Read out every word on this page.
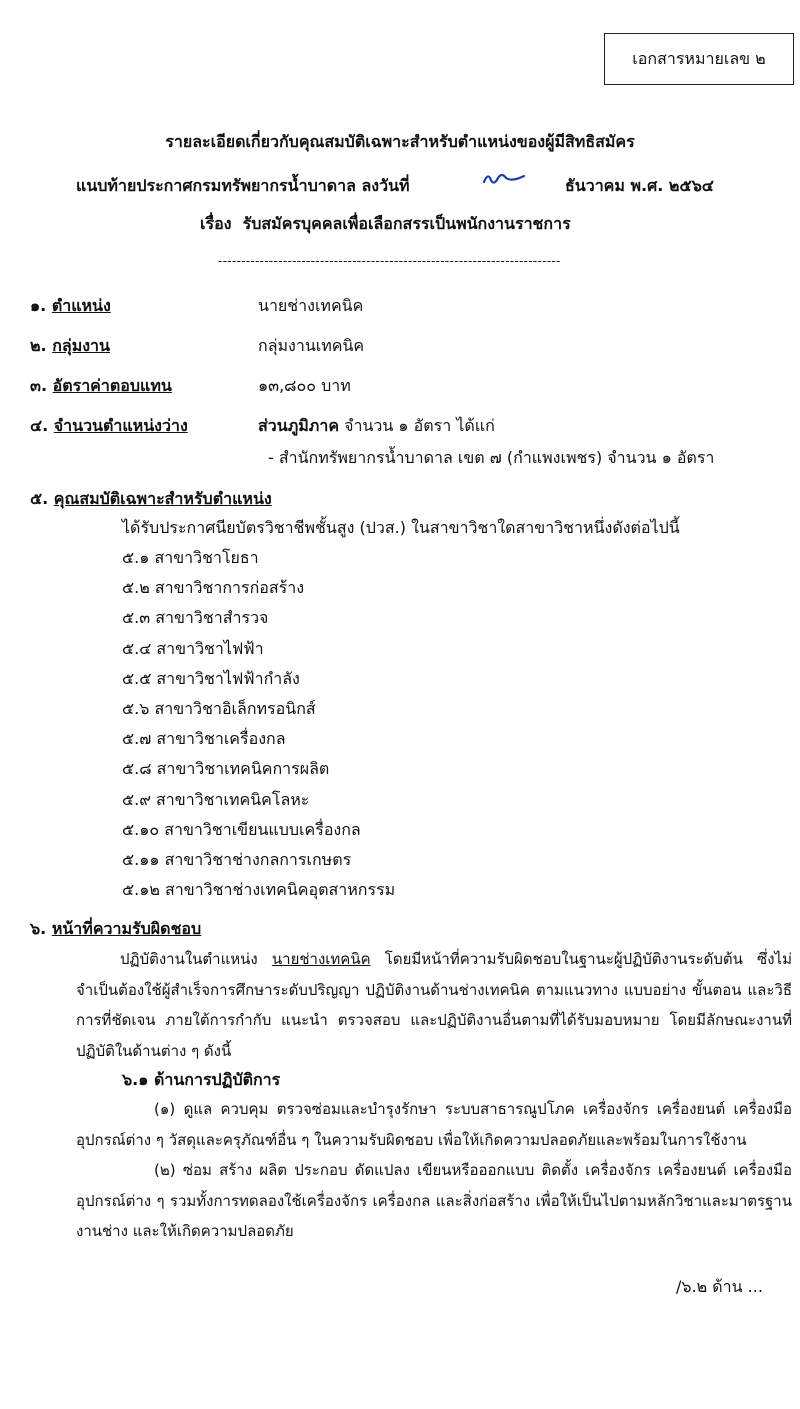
เอกสารหมายเลข ๒
รายละเอียดเกี่ยวกับคุณสมบัติเฉพาะสำหรับตำแหน่งของผู้มีสิทธิสมัคร
แนบท้ายประกาศกรมทรัพยากรน้ำบาดาล ลงวันที่	ธันวาคม พ.ศ. ๒๕๖๔
เรื่อง รับสมัครบุคคลเพื่อเลือกสรรเป็นพนักงานราชการ
--------------------------------------------------------------------------
๑. ตำแหน่ง	นายช่างเทคนิค
๒. กลุ่มงาน	กลุ่มงานเทคนิค
๓. อัตราค่าตอบแทน	๑๓,๘๐๐ บาท
๔. จำนวนตำแหน่งว่าง	ส่วนภูมิภาค จำนวน ๑ อัตรา ได้แก่
- สำนักทรัพยากรน้ำบาดาล เขต ๗ (กำแพงเพชร) จำนวน ๑ อัตรา
๕. คุณสมบัติเฉพาะสำหรับตำแหน่ง
ได้รับประกาศนียบัตรวิชาชีพชั้นสูง (ปวส.) ในสาขาวิชาใดสาขาวิชาหนึ่งดังต่อไปนี้
๕.๑ สาขาวิชาโยธา
๕.๒ สาขาวิชาการก่อสร้าง
๕.๓ สาขาวิชาสำรวจ
๕.๔ สาขาวิชาไฟฟ้า
๕.๕ สาขาวิชาไฟฟ้ากำลัง
๕.๖ สาขาวิชาอิเล็กทรอนิกส์
๕.๗ สาขาวิชาเครื่องกล
๕.๘ สาขาวิชาเทคนิคการผลิต
๕.๙ สาขาวิชาเทคนิคโลหะ
๕.๑๐ สาขาวิชาเขียนแบบเครื่องกล
๕.๑๑ สาขาวิชาช่างกลการเกษตร
๕.๑๒ สาขาวิชาช่างเทคนิคอุตสาหกรรม
๖. หน้าที่ความรับผิดชอบ
ปฏิบัติงานในตำแหน่ง นายช่างเทคนิค โดยมีหน้าที่ความรับผิดชอบในฐานะผู้ปฏิบัติงานระดับต้น ซึ่งไม่จำเป็นต้องใช้ผู้สำเร็จการศึกษาระดับปริญญา ปฏิบัติงานด้านช่างเทคนิค ตามแนวทาง แบบอย่าง ขั้นตอน และวิธีการที่ชัดเจน ภายใต้การกำกับ แนะนำ ตรวจสอบ และปฏิบัติงานอื่นตามที่ได้รับมอบหมาย โดยมีลักษณะงานที่ปฏิบัติในด้านต่าง ๆ ดังนี้
๖.๑ ด้านการปฏิบัติการ
(๑) ดูแล ควบคุม ตรวจซ่อมและบำรุงรักษา ระบบสาธารณูปโภค เครื่องจักร เครื่องยนต์ เครื่องมืออุปกรณ์ต่าง ๆ วัสดุและครุภัณฑ์อื่น ๆ ในความรับผิดชอบ เพื่อให้เกิดความปลอดภัยและพร้อมในการใช้งาน
(๒) ซ่อม สร้าง ผลิต ประกอบ ดัดแปลง เขียนหรือออกแบบ ติดตั้ง เครื่องจักร เครื่องยนต์ เครื่องมือ อุปกรณ์ต่าง ๆ รวมทั้งการทดลองใช้เครื่องจักร เครื่องกล และสิ่งก่อสร้าง เพื่อให้เป็นไปตามหลักวิชาและมาตรฐานงานช่าง และให้เกิดความปลอดภัย
/๖.๒ ด้าน ...
